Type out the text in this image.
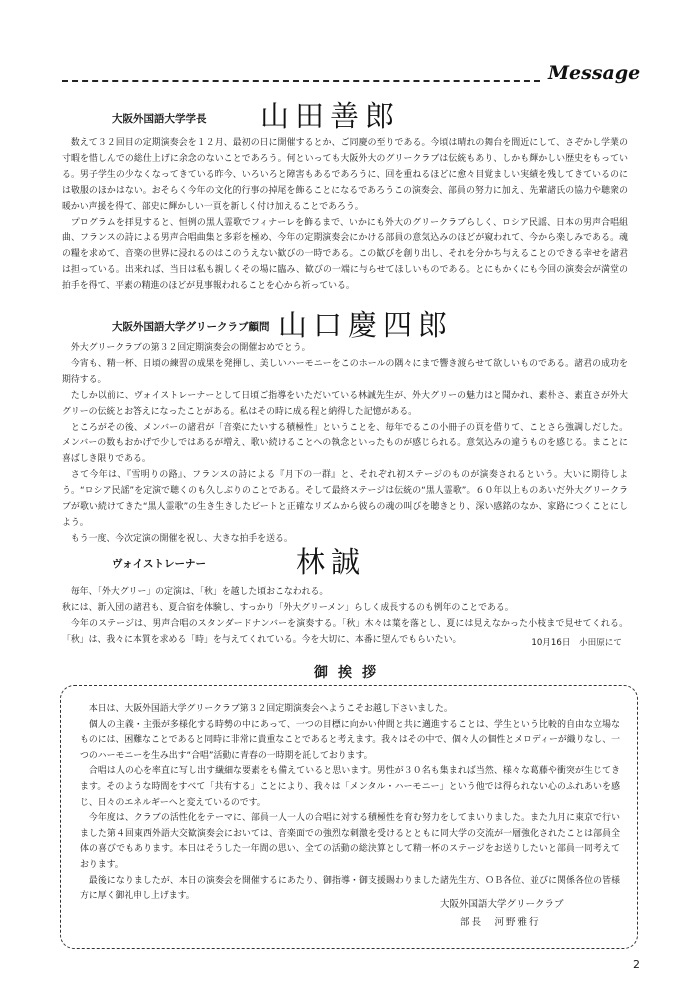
Message
大阪外国語大学学長 山田善郎

数えて３２回目の定期演奏会を１２月、最初の日に開催するとか、ご同慶の至りである。今頃は晴れの舞台を間近にして、さぞかし学業の寸暇を惜しんでの総仕上げに余念のないことであろう。何といっても大阪外大のグリークラブは伝統もあり、しかも輝かしい歴史をもっている。男子学生の少なくなってきている昨今、いろいろと障害もあるであろうに、回を重ねるほどに愈々目覚ましい実績を残してきているのには敬服のほかはない。おそらく今年の文化的行事の掉尾を飾ることになるであろうこの演奏会、部員の努力に加え、先輩諸氏の協力や聴衆の暖かい声援を得て、部史に輝かしい一頁を新しく付け加えることであろう。

プログラムを拝見すると、恒例の黒人霊歌でフィナーレを飾るまで、いかにも外大のグリークラブらしく、ロシア民謡、日本の男声合唱組曲、フランスの詩による男声合唱曲集と多彩を極め、今年の定期演奏会にかける部員の意気込みのほどが窺われて、今から楽しみである。魂の糧を求めて、音楽の世界に浸れるのはこのうえない歓びの一時である。この歓びを創り出し、それを分かち与えることのできる幸せを諸君は担っている。出来れば、当日は私も親しくその場に臨み、歓びの一端に与らせてほしいものである。とにもかくにも今回の演奏会が満堂の拍手を得て、平素の精進のほどが見事報われることを心から祈っている。

大阪外国語大学グリークラブ顧問 山口慶四郎

外大グリークラブの第３２回定期演奏会の開催おめでとう。

今宵も、精一杯、日頃の練習の成果を発揮し、美しいハーモニーをこのホールの隅々にまで響き渡らせて欲しいものである。諸君の成功を期待する。

たしか以前に、ヴォイストレーナーとして日頃ご指導をいただいている林誠先生が、外大グリーの魅力はと聞かれ、素朴さ、素直さが外大グリーの伝統とお答えになったことがある。私はその時に成る程と納得した記憶がある。

ところがその後、メンバーの諸君が「音楽にたいする積極性」ということを、毎年でるこの小冊子の頁を借りて、ことさら強調しだした。メンバーの数もおかげで少しではあるが増え、歌い続けることへの執念といったものが感じられる。意気込みの違うものを感じる。まことに喜ばしき限りである。

さて今年は、『雪明りの路』、フランスの詩による『月下の一群』と、それぞれ初ステージのものが演奏されるという。大いに期待しよう。“ロシア民謡”を定演で聴くのも久しぶりのことである。そして最終ステージは伝統の“黒人霊歌”。６０年以上ものあいだ外大グリークラブが歌い続けてきた“黒人霊歌”の生き生きしたビートと正確なリズムから彼らの魂の叫びを聴きとり、深い感銘のなか、家路につくことにしよう。

もう一度、今次定演の開催を祝し、大きな拍手を送る。

ヴォイストレーナー	林誠

毎年、「外大グリー」の定演は、「秋」を越した頃おこなわれる。

秋には、新入団の諸君も、夏合宿を体験し、すっかり「外大グリーメン」らしく成長するのも例年のことである。

今年のステージは、男声合唱のスタンダードナンバーを演奏する。「秋」木々は葉を落とし、夏には見えなかった小枝まで見せてくれる。「秋」は、我々に本質を求める「時」を与えてくれている。今を大切に、本番に望んでもらいたい。	10月16日　小田原にて
御挨拶

本日は、大阪外国語大学グリークラブ第３２回定期演奏会へようこそお越し下さいました。

個人の主義・主張が多様化する時勢の中にあって、一つの目標に向かい仲間と共に邁進することは、学生という比較的自由な立場なものには、困難なことであると同時に非常に貴重なことであると考えます。我々はその中で、個々人の個性とメロディーが織りなし、一つのハーモニーを生み出す“合唱”活動に青春の一時期を託しております。

合唱は人の心を率直に写し出す繊細な要素をも備えていると思います。男性が３０名も集まれば当然、様々な葛藤や衝突が生じてきます。そのような時間をすべて「共有する」ことにより、我々は「メンタル・ハーモニー」という他では得られない心のふれあいを感じ、日々のエネルギーへと変えているのです。

今年度は、クラブの活性化をテーマに、部員一人一人の合唱に対する積極性を育む努力をしてまいりました。また九月に東京で行いました第４回東西外語大交歓演奏会においては、音楽面での強烈な刺激を受けるとともに同大学の交流が一層強化されたことは部員全体の喜びでもあります。本日はそうした一年間の思い、全ての活動の総決算として精一杯のステージをお送りしたいと部員一同考えております。

最後になりましたが、本日の演奏会を開催するにあたり、御指導・御支援賜わりました諸先生方、ＯＢ各位、並びに関係各位の皆様方に厚く御礼申し上げます。

大阪外国語大学グリークラブ
部長　河野雅行
2
